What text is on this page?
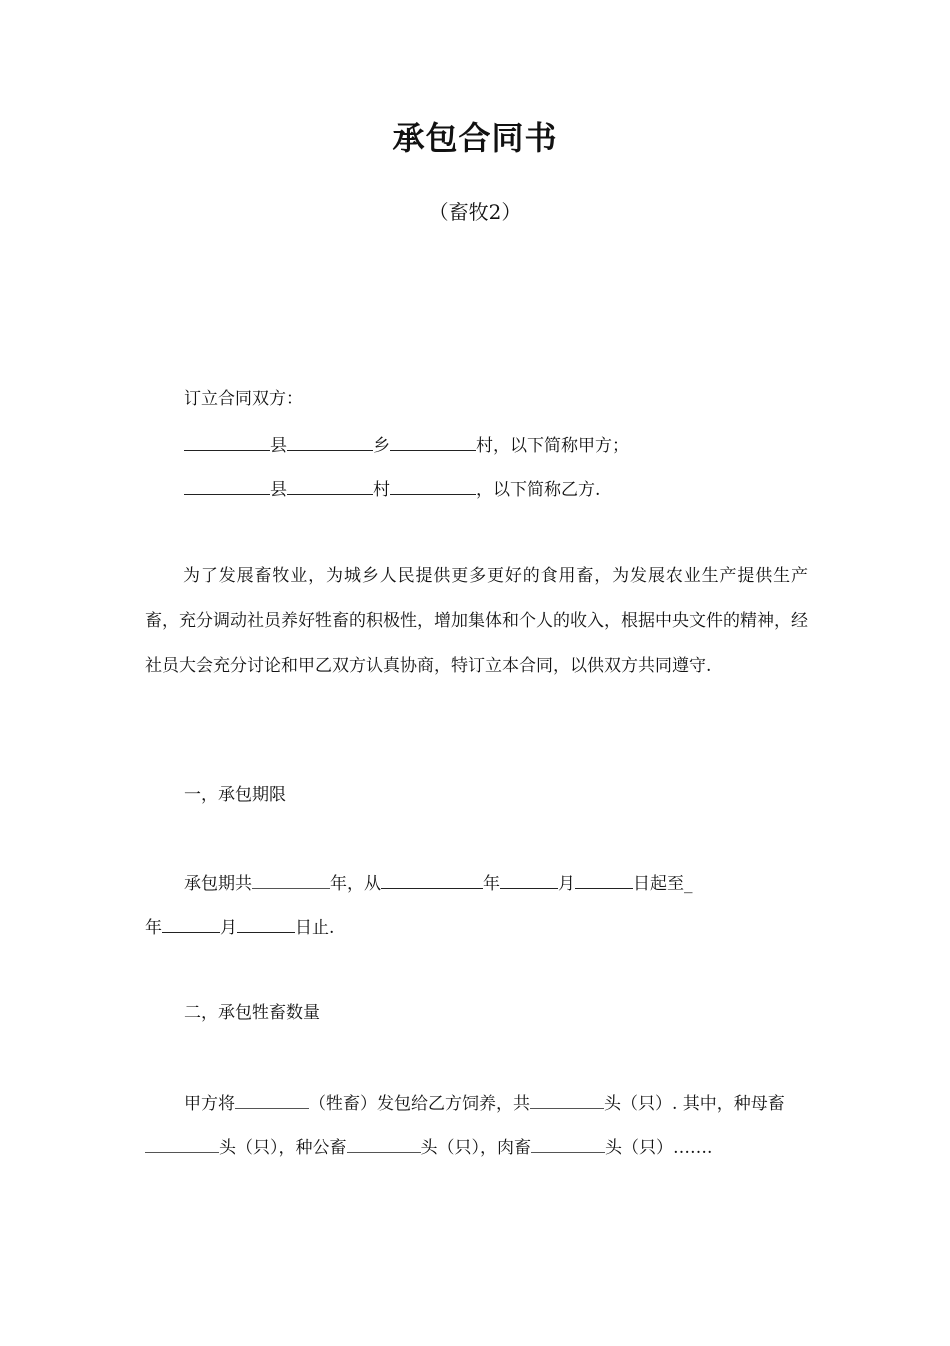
承包合同书
（畜牧2）
订立合同双方：
县	乡	村，以下简称甲方；
县	村	，以下简称乙方.
为了发展畜牧业，为城乡人民提供更多更好的食用畜，为发展农业生产提供生产畜，充分调动社员养好牲畜的积极性，增加集体和个人的收入，根据中央文件的精神，经社员大会充分讨论和甲乙双方认真协商，特订立本合同，以供双方共同遵守.
一，承包期限
承包期共	年，从	年	月	日起至_
年	月	日止.
二，承包牲畜数量
甲方将	（牲畜）发包给乙方饲养，共	头（只）. 其中，种母畜
头（只），种公畜	头（只），肉畜	头（只）…….
